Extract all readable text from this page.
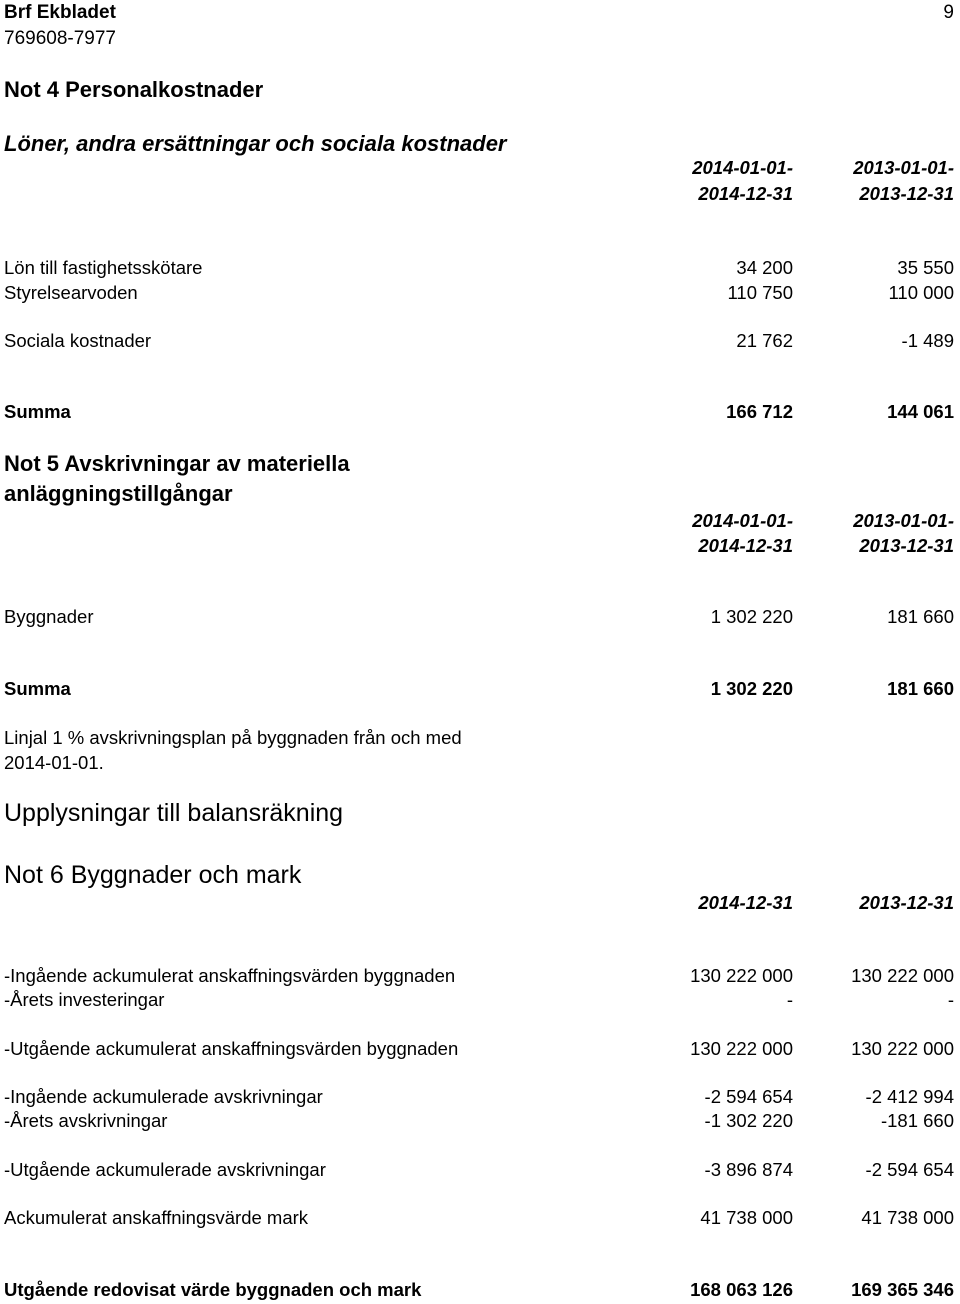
Brf Ekbladet
769608-7977
9
Not 4 Personalkostnader
Löner, andra ersättningar och sociala kostnader
2014-01-01-
2014-12-31
2013-01-01-
2013-12-31
Lön till fastighetsskötare	34 200	35 550
Styrelsearvoden	110 750	110 000
Sociala kostnader	21 762	-1 489
Summa	166 712	144 061
Not 5 Avskrivningar av materiella
anläggningstillgångar
2014-01-01-
2014-12-31
2013-01-01-
2013-12-31
Byggnader	1 302 220	181 660
Summa	1 302 220	181 660
Linjal 1 % avskrivningsplan på byggnaden från och med
2014-01-01.
Upplysningar till balansräkning
Not 6 Byggnader och mark
2014-12-31	2013-12-31
-Ingående ackumulerat anskaffningsvärden byggnaden	130 222 000	130 222 000
-Årets investeringar	-	-
-Utgående ackumulerat anskaffningsvärden byggnaden	130 222 000	130 222 000
-Ingående ackumulerade avskrivningar	-2 594 654	-2 412 994
-Årets avskrivningar	-1 302 220	-181 660
-Utgående ackumulerade avskrivningar	-3 896 874	-2 594 654
Ackumulerat anskaffningsvärde mark	41 738 000	41 738 000
Utgående redovisat värde byggnaden och mark	168 063 126	169 365 346
